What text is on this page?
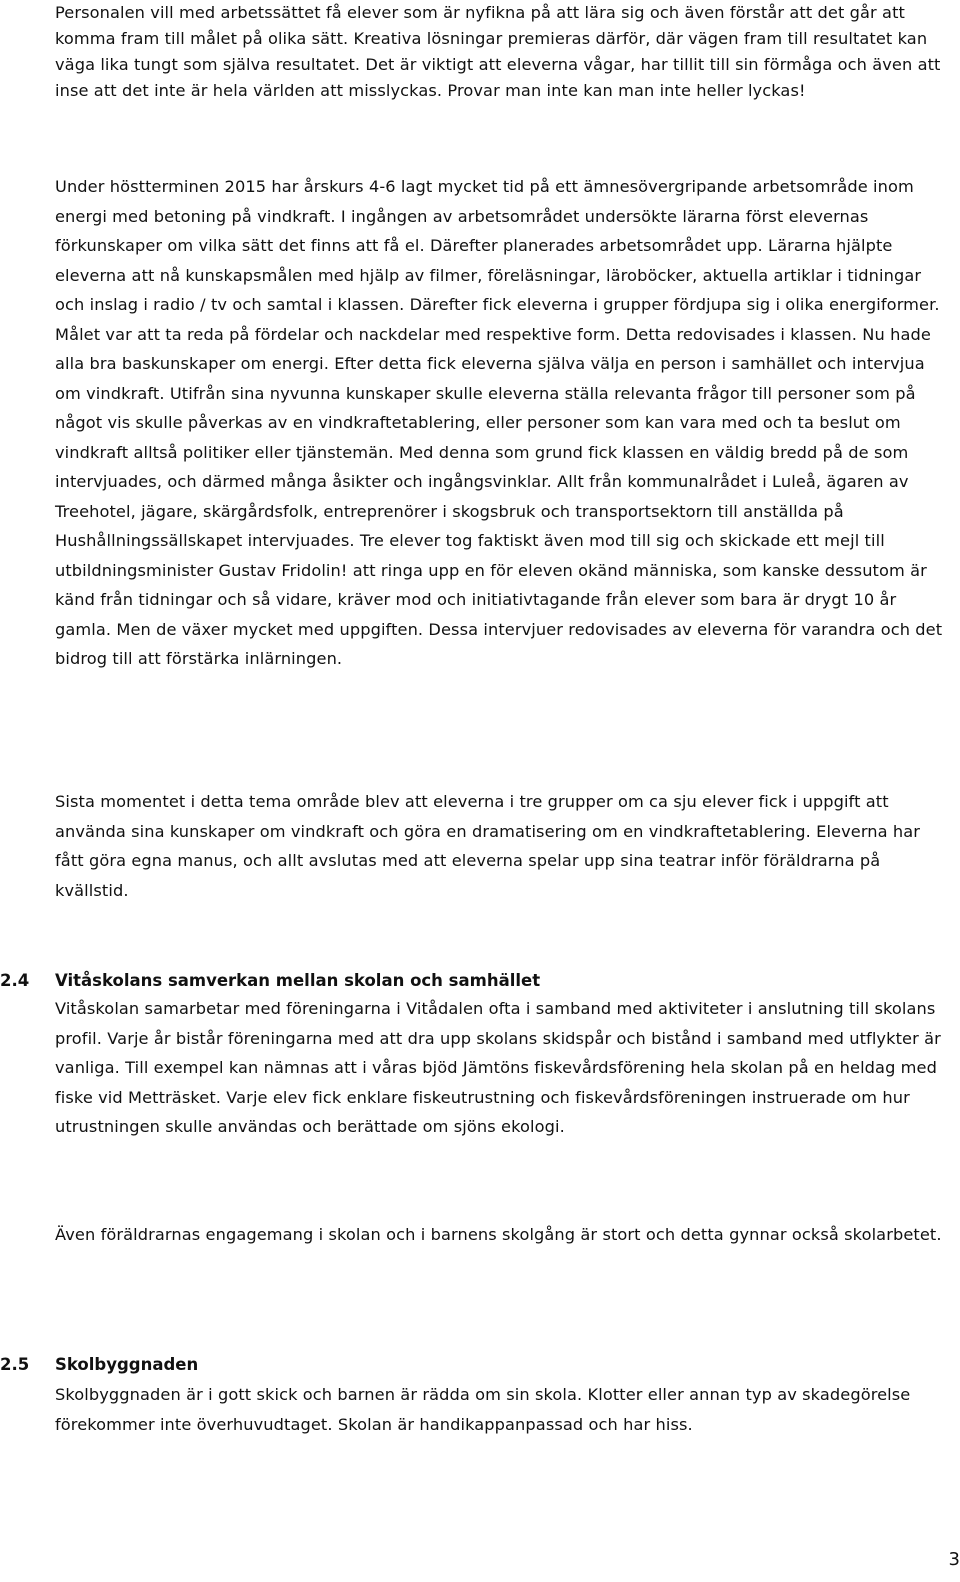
Personalen vill med arbetssättet få elever som är nyfikna på att lära sig och även förstår att det går att komma fram till målet på olika sätt. Kreativa lösningar premieras därför, där vägen fram till resultatet kan väga lika tungt som själva resultatet. Det är viktigt att eleverna vågar, har tillit till sin förmåga och även att inse att det inte är hela världen att misslyckas. Provar man inte kan man inte heller lyckas!

Under höstterminen 2015 har årskurs 4-6 lagt mycket tid på ett ämnesövergripande arbetsområde inom energi med betoning på vindkraft. I ingången av arbetsområdet undersökte lärarna först elevernas förkunskaper om vilka sätt det finns att få el. Därefter planerades arbetsområdet upp. Lärarna hjälpte eleverna att nå kunskapsmålen med hjälp av filmer, föreläsningar, läroböcker, aktuella artiklar i tidningar och inslag i radio / tv och samtal i klassen. Därefter fick eleverna i grupper fördjupa sig i olika energiformer. Målet var att ta reda på fördelar och nackdelar med respektive form. Detta redovisades i klassen. Nu hade alla bra baskunskaper om energi. Efter detta fick eleverna själva välja en person i samhället och intervjua om vindkraft. Utifrån sina nyvunna kunskaper skulle eleverna ställa relevanta frågor till personer som på något vis skulle påverkas av en vindkraftetablering, eller personer som kan vara med och ta beslut om vindkraft alltså politiker eller tjänstemän. Med denna som grund fick klassen en väldig bredd på de som intervjuades, och därmed många åsikter och ingångsvinklar. Allt från kommunalrådet i Luleå, ägaren av Treehotel, jägare, skärgårdsfolk, entreprenörer i skogsbruk och transportsektorn till anställda på Hushållningssällskapet intervjuades. Tre elever tog faktiskt även mod till sig och skickade ett mejl till utbildningsminister Gustav Fridolin! att ringa upp en för eleven okänd människa, som kanske dessutom är känd från tidningar och så vidare, kräver mod och initiativtagande från elever som bara är drygt 10 år gamla. Men de växer mycket med uppgiften. Dessa intervjuer redovisades av eleverna för varandra och det bidrog till att förstärka inlärningen.

Sista momentet i detta tema område blev att eleverna i tre grupper om ca sju elever fick i uppgift att använda sina kunskaper om vindkraft och göra en dramatisering om en vindkraftetablering. Eleverna har fått göra egna manus, och allt avslutas med att eleverna spelar upp sina teatrar inför föräldrarna på kvällstid.

2.4	Vitåskolans samverkan mellan skolan och samhället

Vitåskolan samarbetar med föreningarna i Vitådalen ofta i samband med aktiviteter i anslutning till skolans profil. Varje år bistår föreningarna med att dra upp skolans skidspår och bistånd i samband med utflykter är vanliga. Till exempel kan nämnas att i våras bjöd Jämtöns fiskevårdsförening hela skolan på en heldag med fiske vid Metträsket. Varje elev fick enklare fiskeutrustning och fiskevårdsföreningen instruerade om hur utrustningen skulle användas och berättade om sjöns ekologi.

Även föräldrarnas engagemang i skolan och i barnens skolgång är stort och detta gynnar också skolarbetet.

2.5	Skolbyggnaden

Skolbyggnaden är i gott skick och barnen är rädda om sin skola. Klotter eller annan typ av skadegörelse förekommer inte överhuvudtaget. Skolan är handikappanpassad och har hiss.

3
